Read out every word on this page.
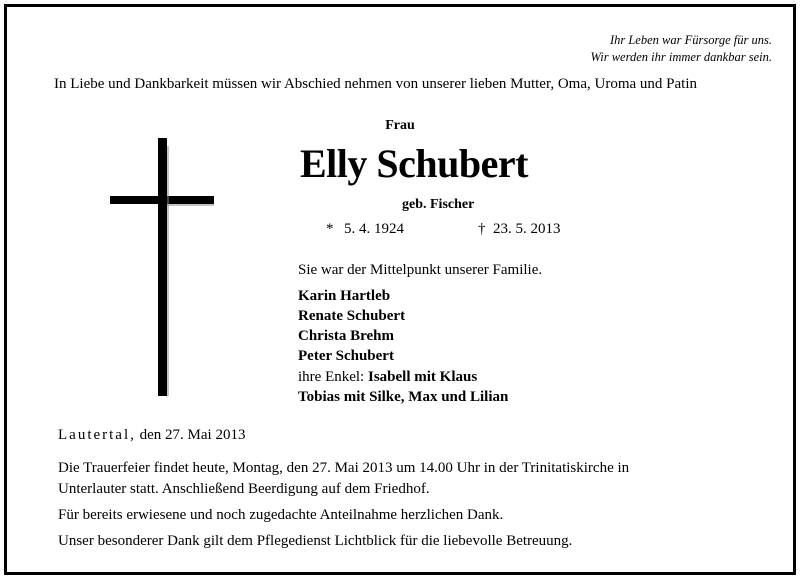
Ihr Leben war Fürsorge für uns.
Wir werden ihr immer dankbar sein.
In Liebe und Dankbarkeit müssen wir Abschied nehmen von unserer lieben Mutter, Oma, Uroma und Patin
Frau
Elly Schubert
geb. Fischer
* 5. 4. 1924	† 23. 5. 2013
Sie war der Mittelpunkt unserer Familie.
Karin Hartleb
Renate Schubert
Christa Brehm
Peter Schubert
ihre Enkel: Isabell mit Klaus
Tobias mit Silke, Max und Lilian
Lautertal, den 27. Mai 2013
Die Trauerfeier findet heute, Montag, den 27. Mai 2013 um 14.00 Uhr in der Trinitatiskirche in
Unterlauter statt. Anschließend Beerdigung auf dem Friedhof.
Für bereits erwiesene und noch zugedachte Anteilnahme herzlichen Dank.
Unser besonderer Dank gilt dem Pflegedienst Lichtblick für die liebevolle Betreuung.
